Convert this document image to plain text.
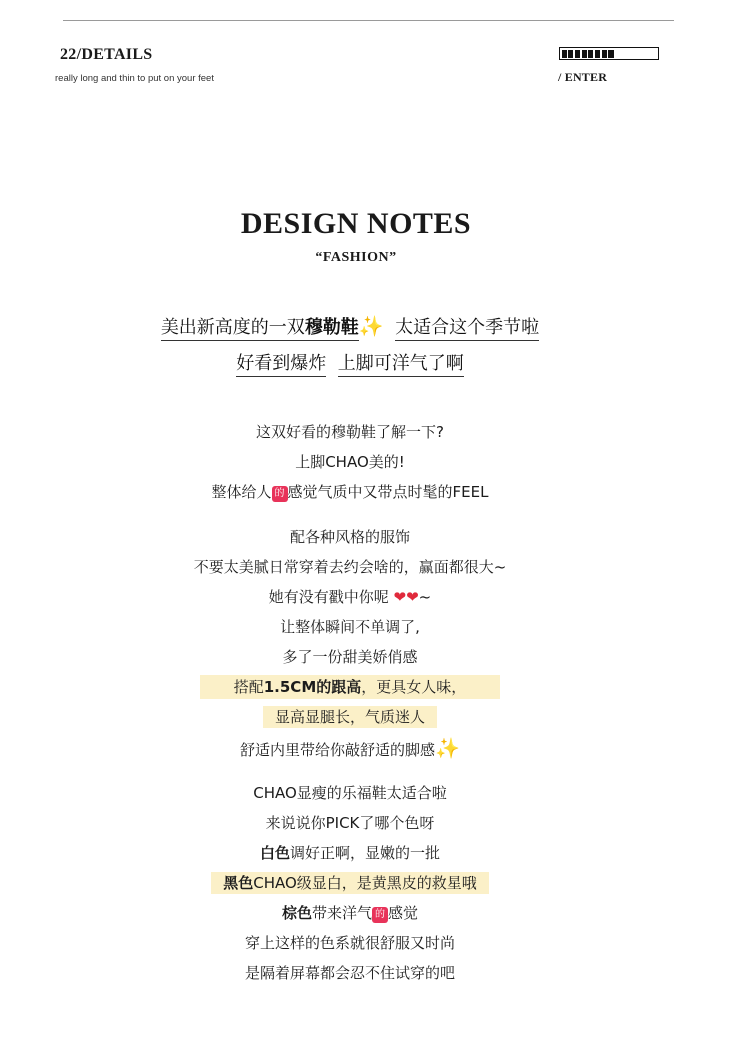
22/DETAILS
really long and thin to put on your feet	/ ENTER
DESIGN NOTES
“FASHION”
美出新高度的一双穆勒鞋✨ 太适合这个季节啦
好看到爆炸 上脚可洋气了啊
这双好看的穆勒鞋了解一下?
上脚CHAO美的!
整体给人 的 感觉气质中又带点时髦的FEEL
配各种风格的服饰
不要太美腻日常穿着去约会啥的，赢面都很大~
她有没有戳中你呢 ❤❤~
让整体瞬间不单调了,
多了一份甜美娇俏感
搭配1.5CM的跟高，更具女人味，
显高显腿长，气质迷人
舒适内里带给你敲舒适的脚感✨
CHAO显瘦的乐福鞋太适合啦
来说说你PICK了哪个色呀
白色调好正啊，显嫩的一批
黑色CHAO级显白，是黄黑皮的救星哦
棕色带来洋气 的 感觉
穿上这样的色系就很舒服又时尚
是隔着屏幕都会忍不住试穿的吧
